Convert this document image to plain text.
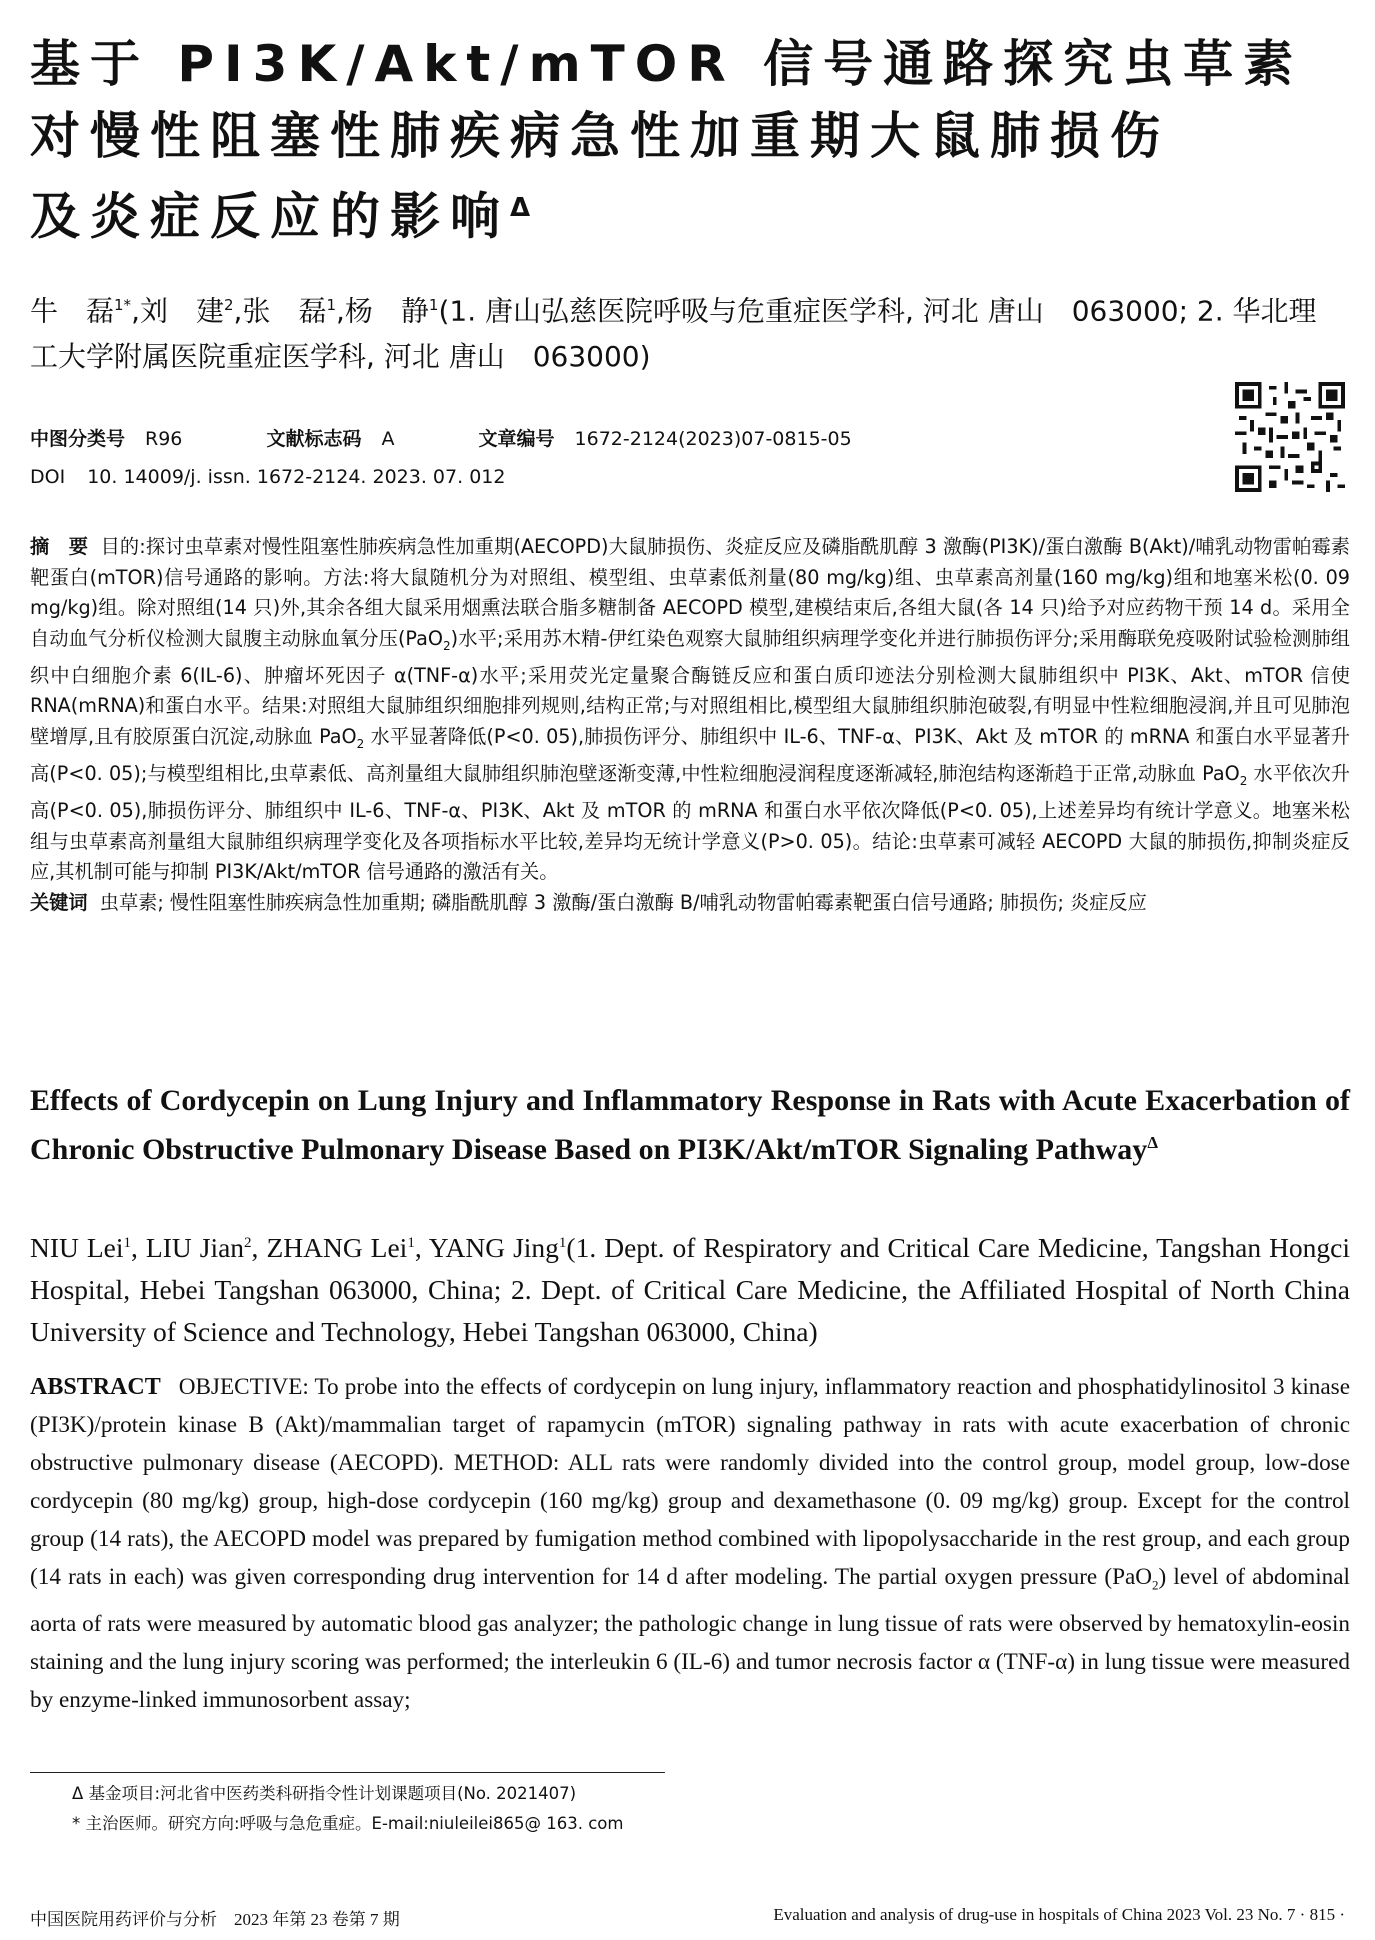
基于 PI3K/Akt/mTOR 信号通路探究虫草素
对慢性阻塞性肺疾病急性加重期大鼠肺损伤
及炎症反应的影响$^\Delta$
牛　磊$^{1*}$,刘　建$^2$,张　磊$^1$,杨　静$^1$(1. 唐山弘慈医院呼吸与危重症医学科, 河北 唐山　063000; 2. 华北理
工大学附属医院重症医学科, 河北 唐山　063000)
中图分类号 R96	文献标志码 A	文章编号 1672-2124(2023)07-0815-05
DOI 10. 14009/j. issn. 1672-2124. 2023. 07. 012
摘　要 目的:探讨虫草素对慢性阻塞性肺疾病急性加重期(AECOPD)大鼠肺损伤、炎症反应及磷脂酰肌醇 3 激酶(PI3K)/蛋白激酶 B(Akt)/哺乳动物雷帕霉素靶蛋白(mTOR)信号通路的影响。方法:将大鼠随机分为对照组、模型组、虫草素低剂量(80 mg/kg)组、虫草素高剂量(160 mg/kg)组和地塞米松(0. 09 mg/kg)组。除对照组(14 只)外,其余各组大鼠采用烟熏法联合脂多糖制备 AECOPD 模型,建模结束后,各组大鼠(各 14 只)给予对应药物干预 14 d。采用全自动血气分析仪检测大鼠腹主动脉血氧分压(PaO$_2$)水平;采用苏木精-伊红染色观察大鼠肺组织病理学变化并进行肺损伤评分;采用酶联免疫吸附试验检测肺组织中白细胞介素 6(IL-6)、肿瘤坏死因子 α(TNF-α)水平;采用荧光定量聚合酶链反应和蛋白质印迹法分别检测大鼠肺组织中 PI3K、Akt、mTOR 信使 RNA(mRNA)和蛋白水平。结果:对照组大鼠肺组织细胞排列规则,结构正常;与对照组相比,模型组大鼠肺组织肺泡破裂,有明显中性粒细胞浸润,并且可见肺泡壁增厚,且有胶原蛋白沉淀,动脉血 PaO$_2$ 水平显著降低(P<0. 05),肺损伤评分、肺组织中 IL-6、TNF-α、PI3K、Akt 及 mTOR 的 mRNA 和蛋白水平显著升高(P<0. 05);与模型组相比,虫草素低、高剂量组大鼠肺组织肺泡壁逐渐变薄,中性粒细胞浸润程度逐渐减轻,肺泡结构逐渐趋于正常,动脉血 PaO$_2$ 水平依次升高(P<0. 05),肺损伤评分、肺组织中 IL-6、TNF-α、PI3K、Akt 及 mTOR 的 mRNA 和蛋白水平依次降低(P<0. 05),上述差异均有统计学意义。地塞米松组与虫草素高剂量组大鼠肺组织病理学变化及各项指标水平比较,差异均无统计学意义(P>0. 05)。结论:虫草素可减轻 AECOPD 大鼠的肺损伤,抑制炎症反应,其机制可能与抑制 PI3K/Akt/mTOR 信号通路的激活有关。
关键词 虫草素; 慢性阻塞性肺疾病急性加重期; 磷脂酰肌醇 3 激酶/蛋白激酶 B/哺乳动物雷帕霉素靶蛋白信号通路; 肺损伤; 炎症反应
Effects of Cordycepin on Lung Injury and Inflammatory Response in Rats with Acute Exacerbation of Chronic Obstructive Pulmonary Disease Based on PI3K/Akt/mTOR Signaling Pathway$^\Delta$
NIU Lei$^1$, LIU Jian$^2$, ZHANG Lei$^1$, YANG Jing$^1$(1. Dept. of Respiratory and Critical Care Medicine, Tangshan Hongci Hospital, Hebei Tangshan 063000, China; 2. Dept. of Critical Care Medicine, the Affiliated Hospital of North China University of Science and Technology, Hebei Tangshan 063000, China)
ABSTRACT OBJECTIVE: To probe into the effects of cordycepin on lung injury, inflammatory reaction and phosphatidylinositol 3 kinase (PI3K)/protein kinase B (Akt)/mammalian target of rapamycin (mTOR) signaling pathway in rats with acute exacerbation of chronic obstructive pulmonary disease (AECOPD). METHOD: ALL rats were randomly divided into the control group, model group, low-dose cordycepin (80 mg/kg) group, high-dose cordycepin (160 mg/kg) group and dexamethasone (0. 09 mg/kg) group. Except for the control group (14 rats), the AECOPD model was prepared by fumigation method combined with lipopolysaccharide in the rest group, and each group (14 rats in each) was given corresponding drug intervention for 14 d after modeling. The partial oxygen pressure (PaO$_2$) level of abdominal aorta of rats were measured by automatic blood gas analyzer; the pathologic change in lung tissue of rats were observed by hematoxylin-eosin staining and the lung injury scoring was performed; the interleukin 6 (IL-6) and tumor necrosis factor α (TNF-α) in lung tissue were measured by enzyme-linked immunosorbent assay;
Δ 基金项目:河北省中医药类科研指令性计划课题项目(No. 2021407)
* 主治医师。研究方向:呼吸与急危重症。E-mail:niuleilei865@ 163. com
中国医院用药评价与分析　2023 年第 23 卷第 7 期	Evaluation and analysis of drug-use in hospitals of China 2023 Vol. 23 No. 7 · 815 ·
